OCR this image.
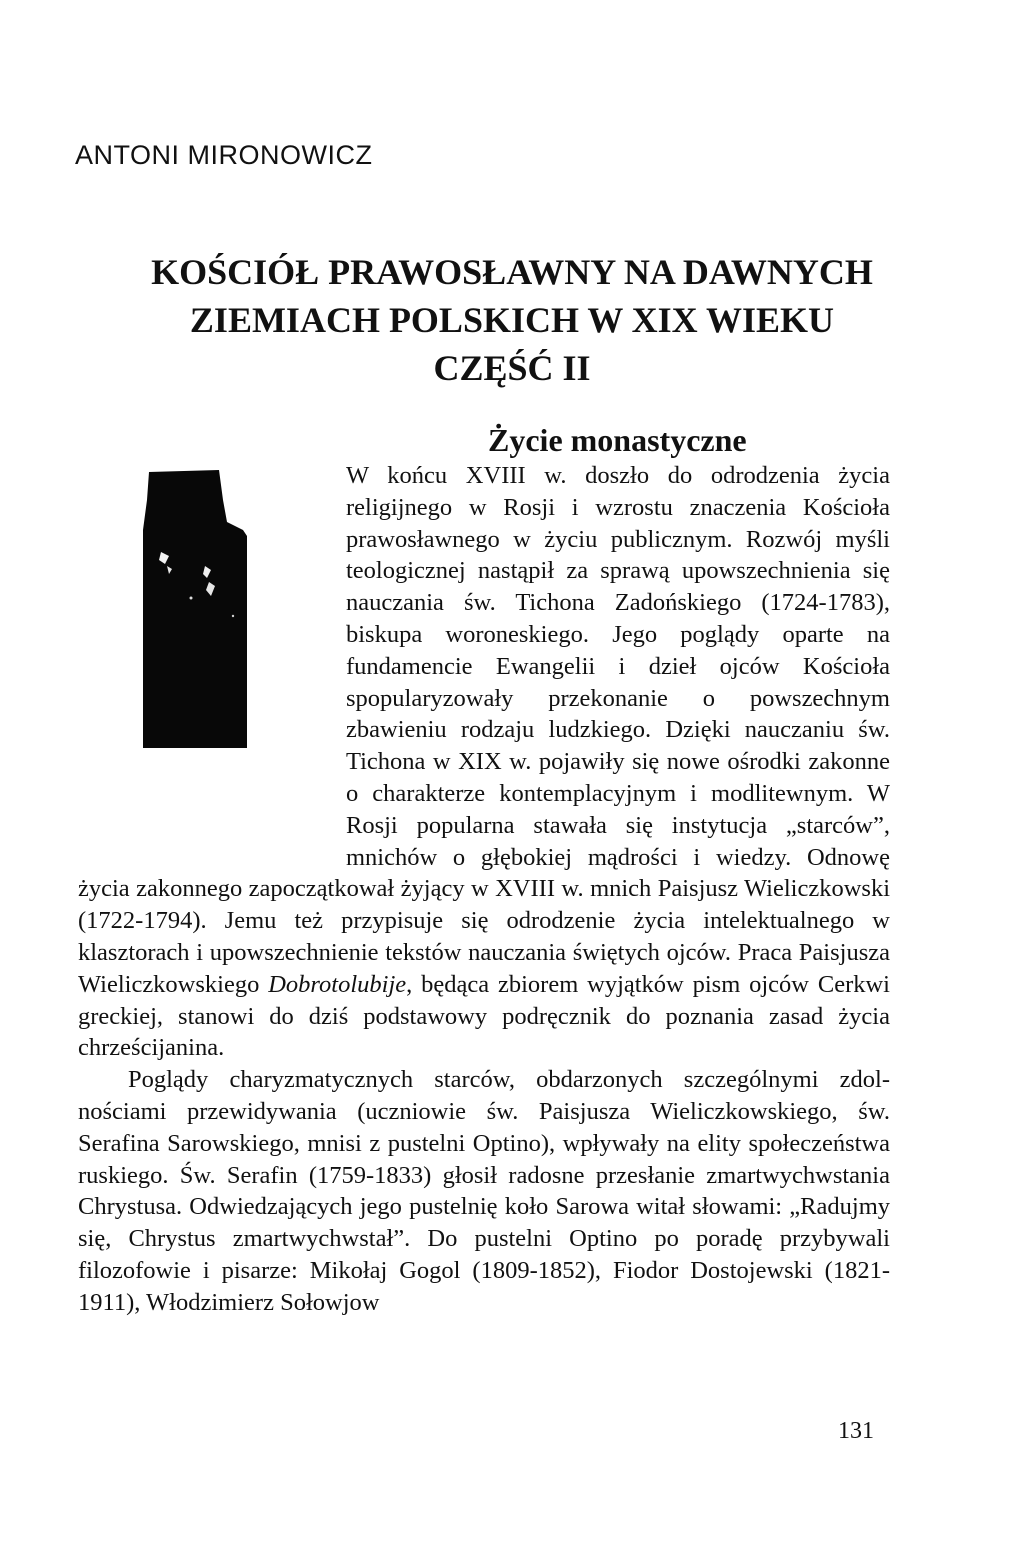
ANTONI MIRONOWICZ
KOŚCIÓŁ PRAWOSŁAWNY NA DAWNYCH
ZIEMIACH POLSKICH W XIX WIEKU
CZĘŚĆ II
Życie monastyczne

W końcu XVIII w. doszło do odrodzenia życia religijnego w Rosji i wzrostu znaczenia Kościoła prawosławnego w życiu publicznym. Rozwój myśli teologicznej nastąpił za sprawą upowszechnienia się nauczania św. Tichona Zadońskiego (1724-1783), biskupa woroneskiego. Jego poglądy oparte na fundamencie Ewangelii i dzieł ojców Kościoła spopularyzowały przekonanie o powszechnym zbawieniu rodzaju ludzkiego. Dzięki nauczaniu św. Tichona w XIX w. pojawiły się nowe ośrodki zakonne o charakterze kontemplacyjnym i modlitewnym. W Rosji popularna stawała się instytucja „starców”, mnichów o głębokiej mądrości i wiedzy. Odnowę życia zakonnego zapoczątkował żyjący w XVIII w. mnich Paisjusz Wieliczkowski (1722-1794). Jemu też przypisuje się odrodzenie życia intelektualnego w klasztorach i upowszechnienie tekstów nauczania świętych ojców. Praca Paisjusza Wieliczkowskiego Dobrotolubije, będąca zbiorem wyjątków pism ojców Cerkwi greckiej, stanowi do dziś podstawowy podręcznik do poznania zasad życia chrześcijanina.

Poglądy charyzmatycznych starców, obdarzonych szczególnymi zdolnościami przewidywania (uczniowie św. Paisjusza Wieliczkowskiego, św. Serafina Sarowskiego, mnisi z pustelni Optino), wpływały na elity społeczeństwa ruskiego. Św. Serafin (1759-1833) głosił radosne przesłanie zmartwychwstania Chrystusa. Odwiedzających jego pustelnię koło Sarowa witał słowami: „Radujmy się, Chrystus zmartwychwstał”. Do pustelni Optino po poradę przybywali filozofowie i pisarze: Mikołaj Gogol (1809-1852), Fiodor Dostojewski (1821-1911), Włodzimierz Sołowjow

131
